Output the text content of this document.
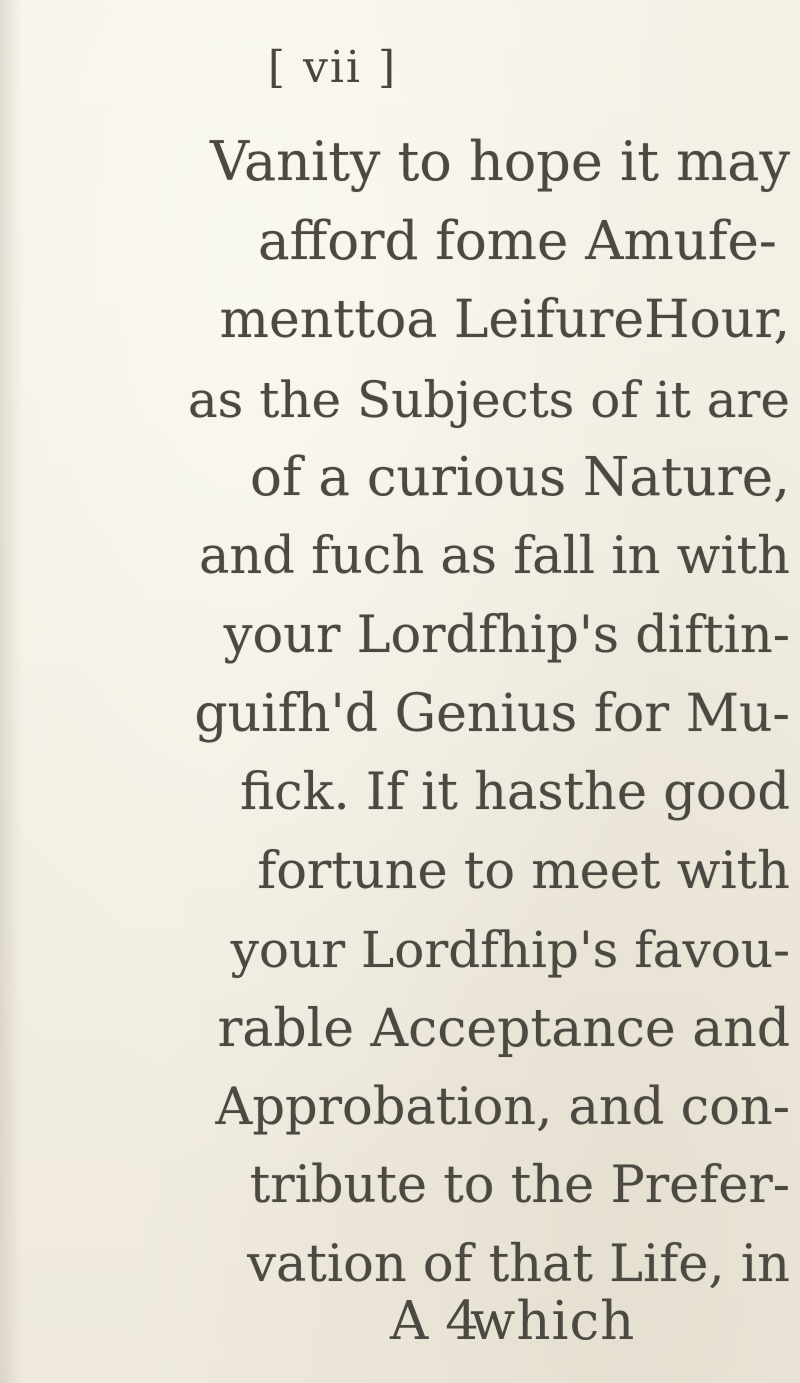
[ vii ]
Vanity to hope it may
afford fome Amufe-
menttoa LeifureHour,
as the Subjects of it are
of a curious Nature,
and fuch as fall in with
your Lordfhip's diftin-
guifh'd Genius for Mu-
fick. If it hasthe good
fortune to meet with
your Lordfhip's favou-
rable Acceptance and
Approbation, and con-
tribute to the Prefer-
vation of that Life, in
A 4
which
